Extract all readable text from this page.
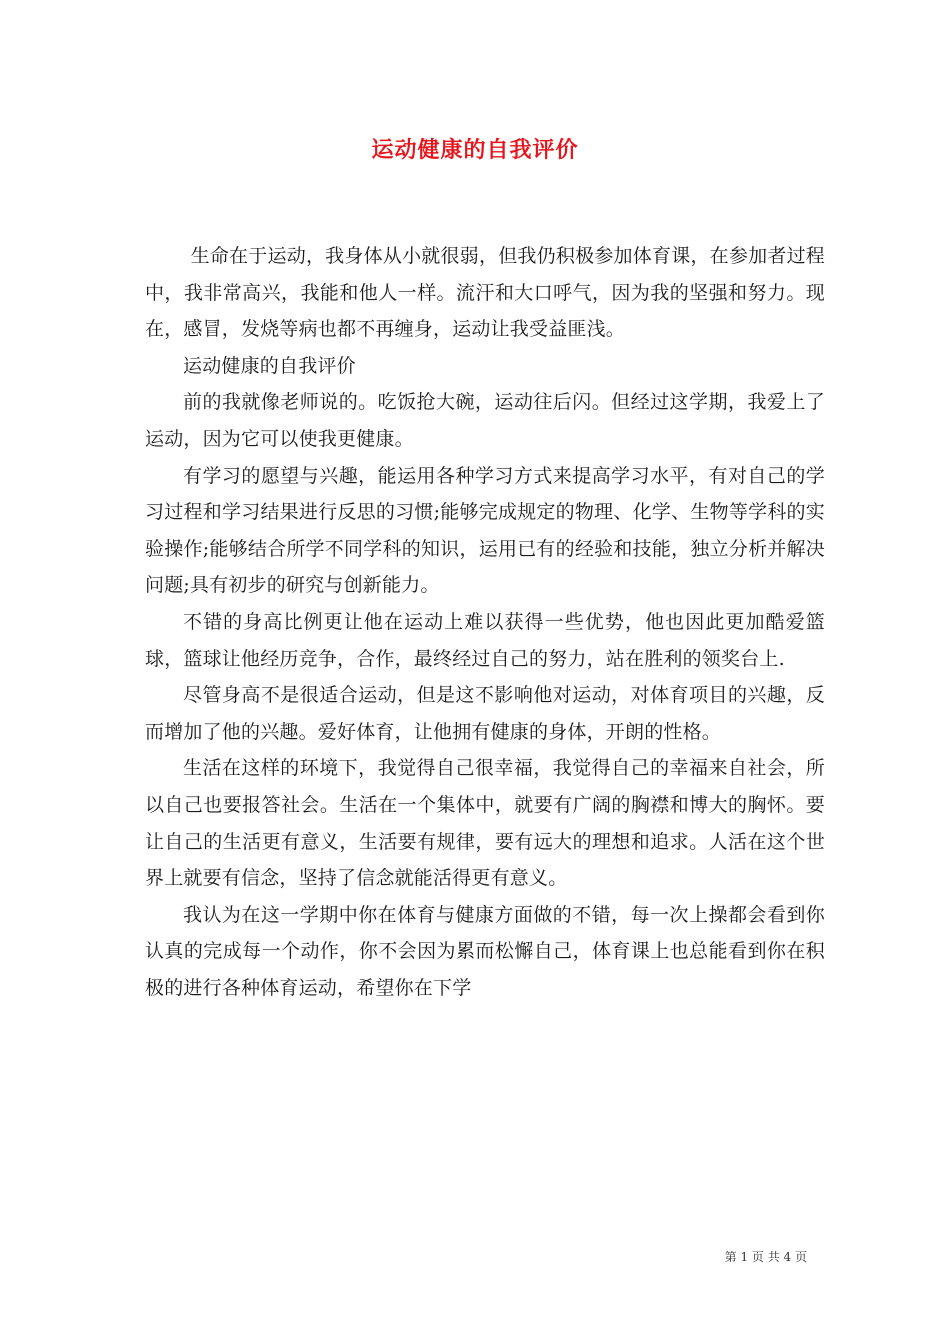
运动健康的自我评价

生命在于运动，我身体从小就很弱，但我仍积极参加体育课，在参加者过程中，我非常高兴，我能和他人一样。流汗和大口呼气，因为我的坚强和努力。现在，感冒，发烧等病也都不再缠身，运动让我受益匪浅。

运动健康的自我评价

前的我就像老师说的。吃饭抢大碗，运动往后闪。但经过这学期，我爱上了运动，因为它可以使我更健康。

有学习的愿望与兴趣，能运用各种学习方式来提高学习水平，有对自己的学习过程和学习结果进行反思的习惯;能够完成规定的物理、化学、生物等学科的实验操作;能够结合所学不同学科的知识，运用已有的经验和技能，独立分析并解决问题;具有初步的研究与创新能力。

不错的身高比例更让他在运动上难以获得一些优势，他也因此更加酷爱篮球，篮球让他经历竞争，合作，最终经过自己的努力，站在胜利的领奖台上.

尽管身高不是很适合运动，但是这不影响他对运动，对体育项目的兴趣，反而增加了他的兴趣。爱好体育，让他拥有健康的身体，开朗的性格。

生活在这样的环境下，我觉得自己很幸福，我觉得自己的幸福来自社会，所以自己也要报答社会。生活在一个集体中，就要有广阔的胸襟和博大的胸怀。要让自己的生活更有意义，生活要有规律，要有远大的理想和追求。人活在这个世界上就要有信念，坚持了信念就能活得更有意义。

我认为在这一学期中你在体育与健康方面做的不错，每一次上操都会看到你认真的完成每一个动作，你不会因为累而松懈自己，体育课上也总能看到你在积极的进行各种体育运动，希望你在下学

第 1 页 共 4 页
